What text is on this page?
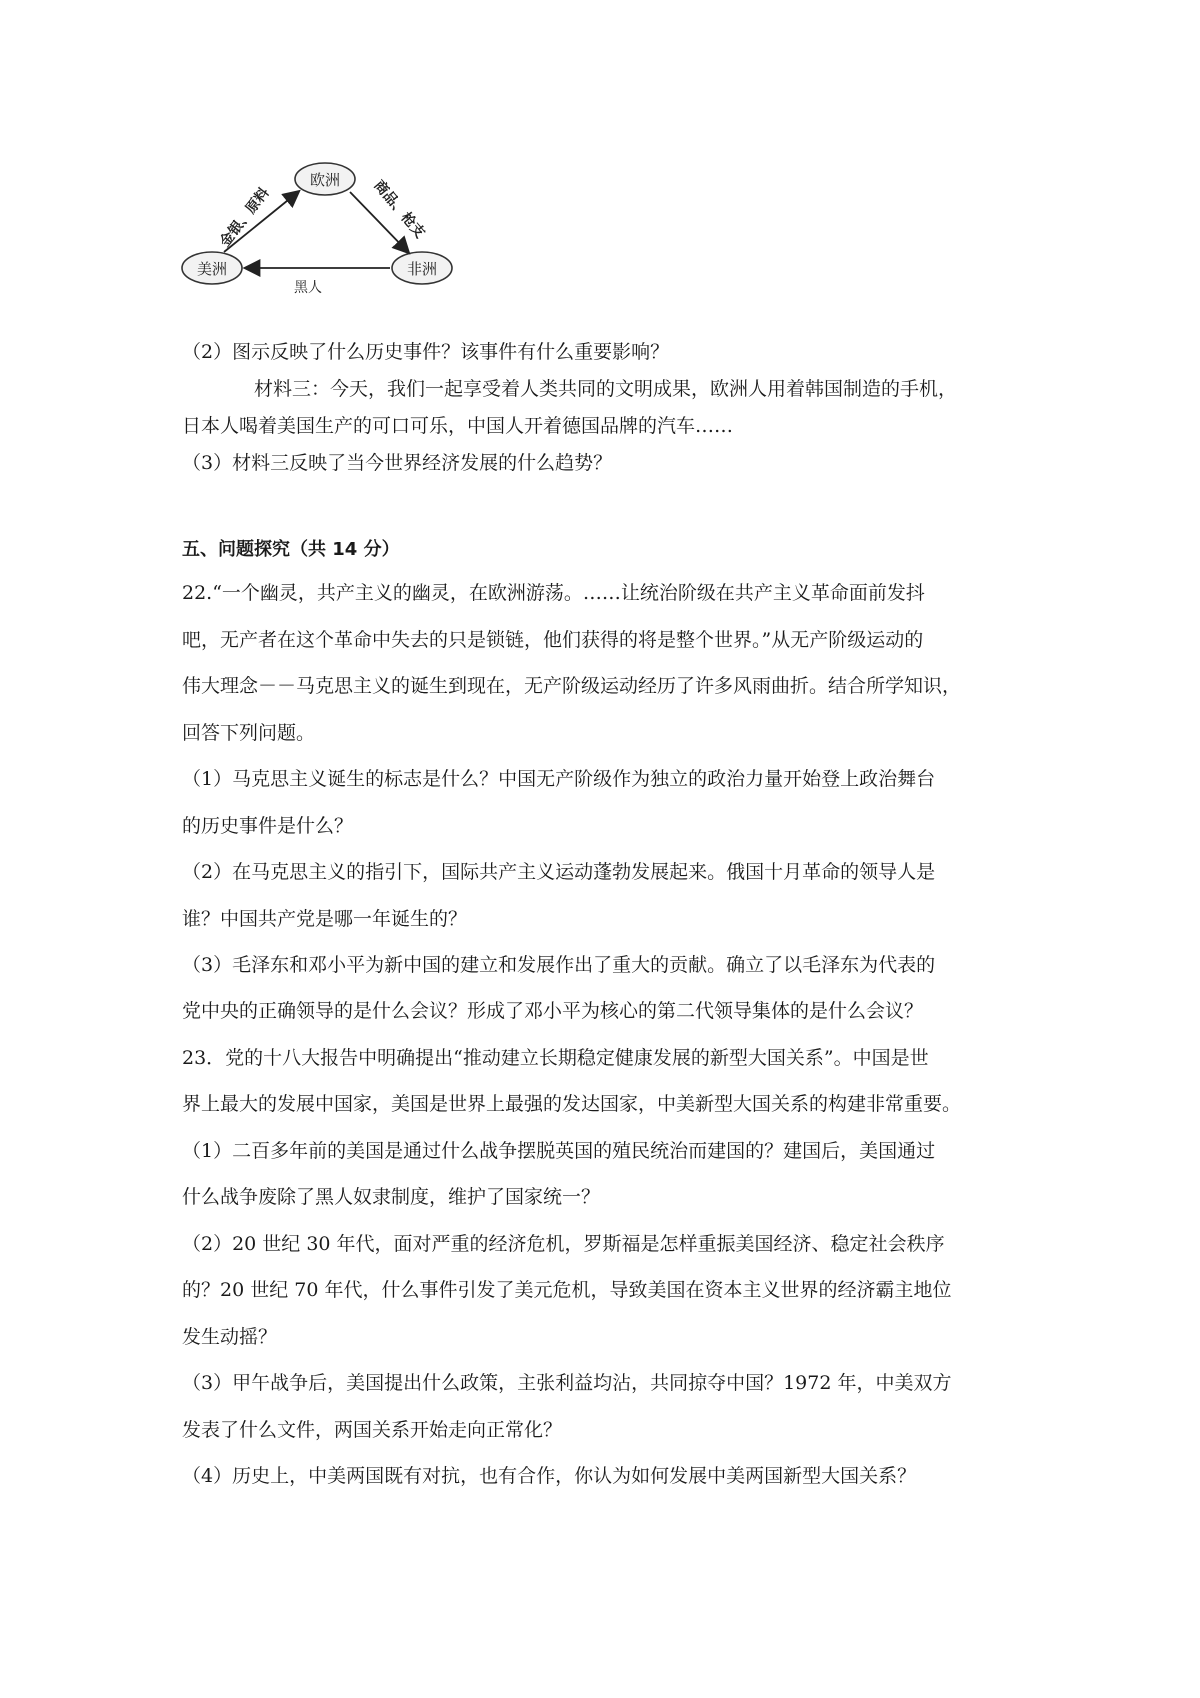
欧洲
美洲	非洲
金银、原料	商品、枪支
黑人
（2）图示反映了什么历史事件？该事件有什么重要影响？
材料三：今天，我们一起享受着人类共同的文明成果，欧洲人用着韩国制造的手机，
日本人喝着美国生产的可口可乐，中国人开着德国品牌的汽车……
（3）材料三反映了当今世界经济发展的什么趋势？
五、问题探究（共 14 分）
22.“一个幽灵，共产主义的幽灵，在欧洲游荡。……让统治阶级在共产主义革命面前发抖
吧，无产者在这个革命中失去的只是锁链，他们获得的将是整个世界。”从无产阶级运动的
伟大理念－－马克思主义的诞生到现在，无产阶级运动经历了许多风雨曲折。结合所学知识，
回答下列问题。
（1）马克思主义诞生的标志是什么？中国无产阶级作为独立的政治力量开始登上政治舞台
的历史事件是什么？
（2）在马克思主义的指引下，国际共产主义运动蓬勃发展起来。俄国十月革命的领导人是
谁？中国共产党是哪一年诞生的？
（3）毛泽东和邓小平为新中国的建立和发展作出了重大的贡献。确立了以毛泽东为代表的
党中央的正确领导的是什么会议？形成了邓小平为核心的第二代领导集体的是什么会议？
23．党的十八大报告中明确提出“推动建立长期稳定健康发展的新型大国关系”。中国是世
界上最大的发展中国家，美国是世界上最强的发达国家，中美新型大国关系的构建非常重要。
（1）二百多年前的美国是通过什么战争摆脱英国的殖民统治而建国的？建国后，美国通过
什么战争废除了黑人奴隶制度，维护了国家统一？
（2）20 世纪 30 年代，面对严重的经济危机，罗斯福是怎样重振美国经济、稳定社会秩序
的？20 世纪 70 年代，什么事件引发了美元危机，导致美国在资本主义世界的经济霸主地位
发生动摇？
（3）甲午战争后，美国提出什么政策，主张利益均沾，共同掠夺中国？1972 年，中美双方
发表了什么文件，两国关系开始走向正常化？
（4）历史上，中美两国既有对抗，也有合作，你认为如何发展中美两国新型大国关系？
